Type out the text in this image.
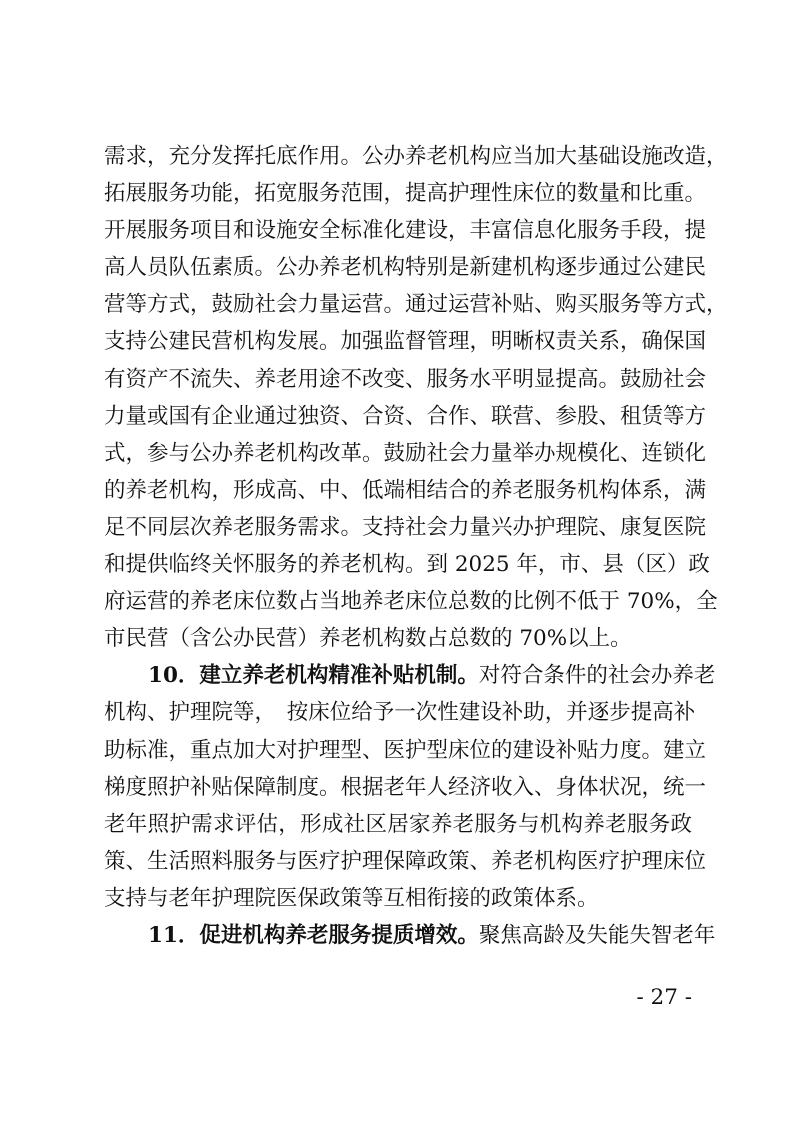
需求，充分发挥托底作用。公办养老机构应当加大基础设施改造，
拓展服务功能，拓宽服务范围，提高护理性床位的数量和比重。
开展服务项目和设施安全标准化建设，丰富信息化服务手段，提
高人员队伍素质。公办养老机构特别是新建机构逐步通过公建民
营等方式，鼓励社会力量运营。通过运营补贴、购买服务等方式，
支持公建民营机构发展。加强监督管理，明晰权责关系，确保国
有资产不流失、养老用途不改变、服务水平明显提高。鼓励社会
力量或国有企业通过独资、合资、合作、联营、参股、租赁等方
式，参与公办养老机构改革。鼓励社会力量举办规模化、连锁化
的养老机构，形成高、中、低端相结合的养老服务机构体系，满
足不同层次养老服务需求。支持社会力量兴办护理院、康复医院
和提供临终关怀服务的养老机构。到 2025 年，市、县（区）政
府运营的养老床位数占当地养老床位总数的比例不低于 70%，全
市民营（含公办民营）养老机构数占总数的 70%以上。
10．建立养老机构精准补贴机制。对符合条件的社会办养老
机构、护理院等，　按床位给予一次性建设补助，并逐步提高补
助标准，重点加大对护理型、医护型床位的建设补贴力度。建立
梯度照护补贴保障制度。根据老年人经济收入、身体状况，统一
老年照护需求评估，形成社区居家养老服务与机构养老服务政
策、生活照料服务与医疗护理保障政策、养老机构医疗护理床位
支持与老年护理院医保政策等互相衔接的政策体系。
11．促进机构养老服务提质增效。聚焦高龄及失能失智老年
- 27 -
